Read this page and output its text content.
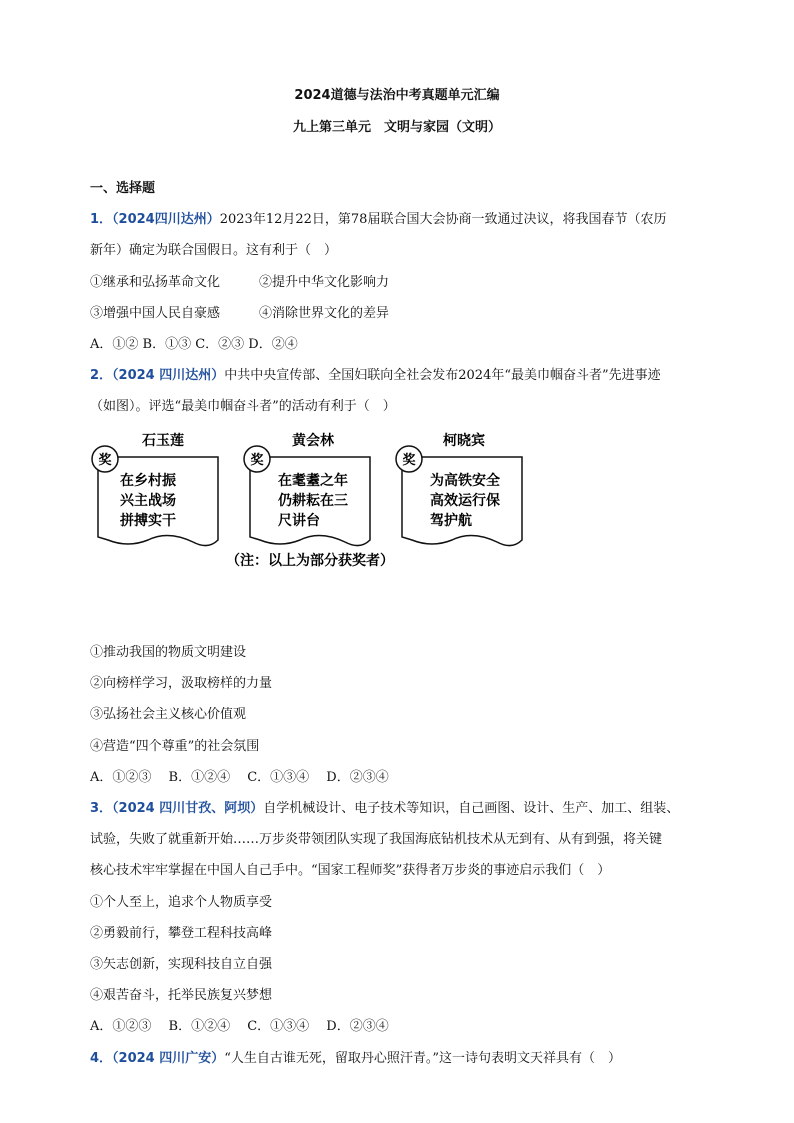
2024道德与法治中考真题单元汇编
九上第三单元　文明与家园（文明）
一、选择题
1．（2024四川达州）2023年12月22日，第78届联合国大会协商一致通过决议，将我国春节（农历
新年）确定为联合国假日。这有利于（　）
①继承和弘扬革命文化　　　②提升中华文化影响力
③增强中国人民自豪感　　　④消除世界文化的差异
A．①② B．①③ C．②③ D．②④
2．（2024 四川达州）中共中央宣传部、全国妇联向全社会发布2024年“最美巾帼奋斗者”先进事迹
（如图）。评选“最美巾帼奋斗者”的活动有利于（　）
石玉莲
奖
在乡村振
兴主战场
拼搏实干
黄会林
奖
在耄耋之年
仍耕耘在三
尺讲台
柯晓宾
奖
为高铁安全
高效运行保
驾护航
（注：以上为部分获奖者）
①推动我国的物质文明建设
②向榜样学习，汲取榜样的力量
③弘扬社会主义核心价值观
④营造“四个尊重”的社会氛围
A．①②③　 B．①②④　 C．①③④　 D．②③④
3．（2024 四川甘孜、阿坝）自学机械设计、电子技术等知识，自己画图、设计、生产、加工、组装、
试验，失败了就重新开始……万步炎带领团队实现了我国海底钻机技术从无到有、从有到强，将关键
核心技术牢牢掌握在中国人自己手中。“国家工程师奖”获得者万步炎的事迹启示我们（　）
①个人至上，追求个人物质享受
②勇毅前行，攀登工程科技高峰
③矢志创新，实现科技自立自强
④艰苦奋斗，托举民族复兴梦想
A．①②③　 B．①②④　 C．①③④　 D．②③④
4．（2024 四川广安）“人生自古谁无死，留取丹心照汗青。”这一诗句表明文天祥具有（　）
